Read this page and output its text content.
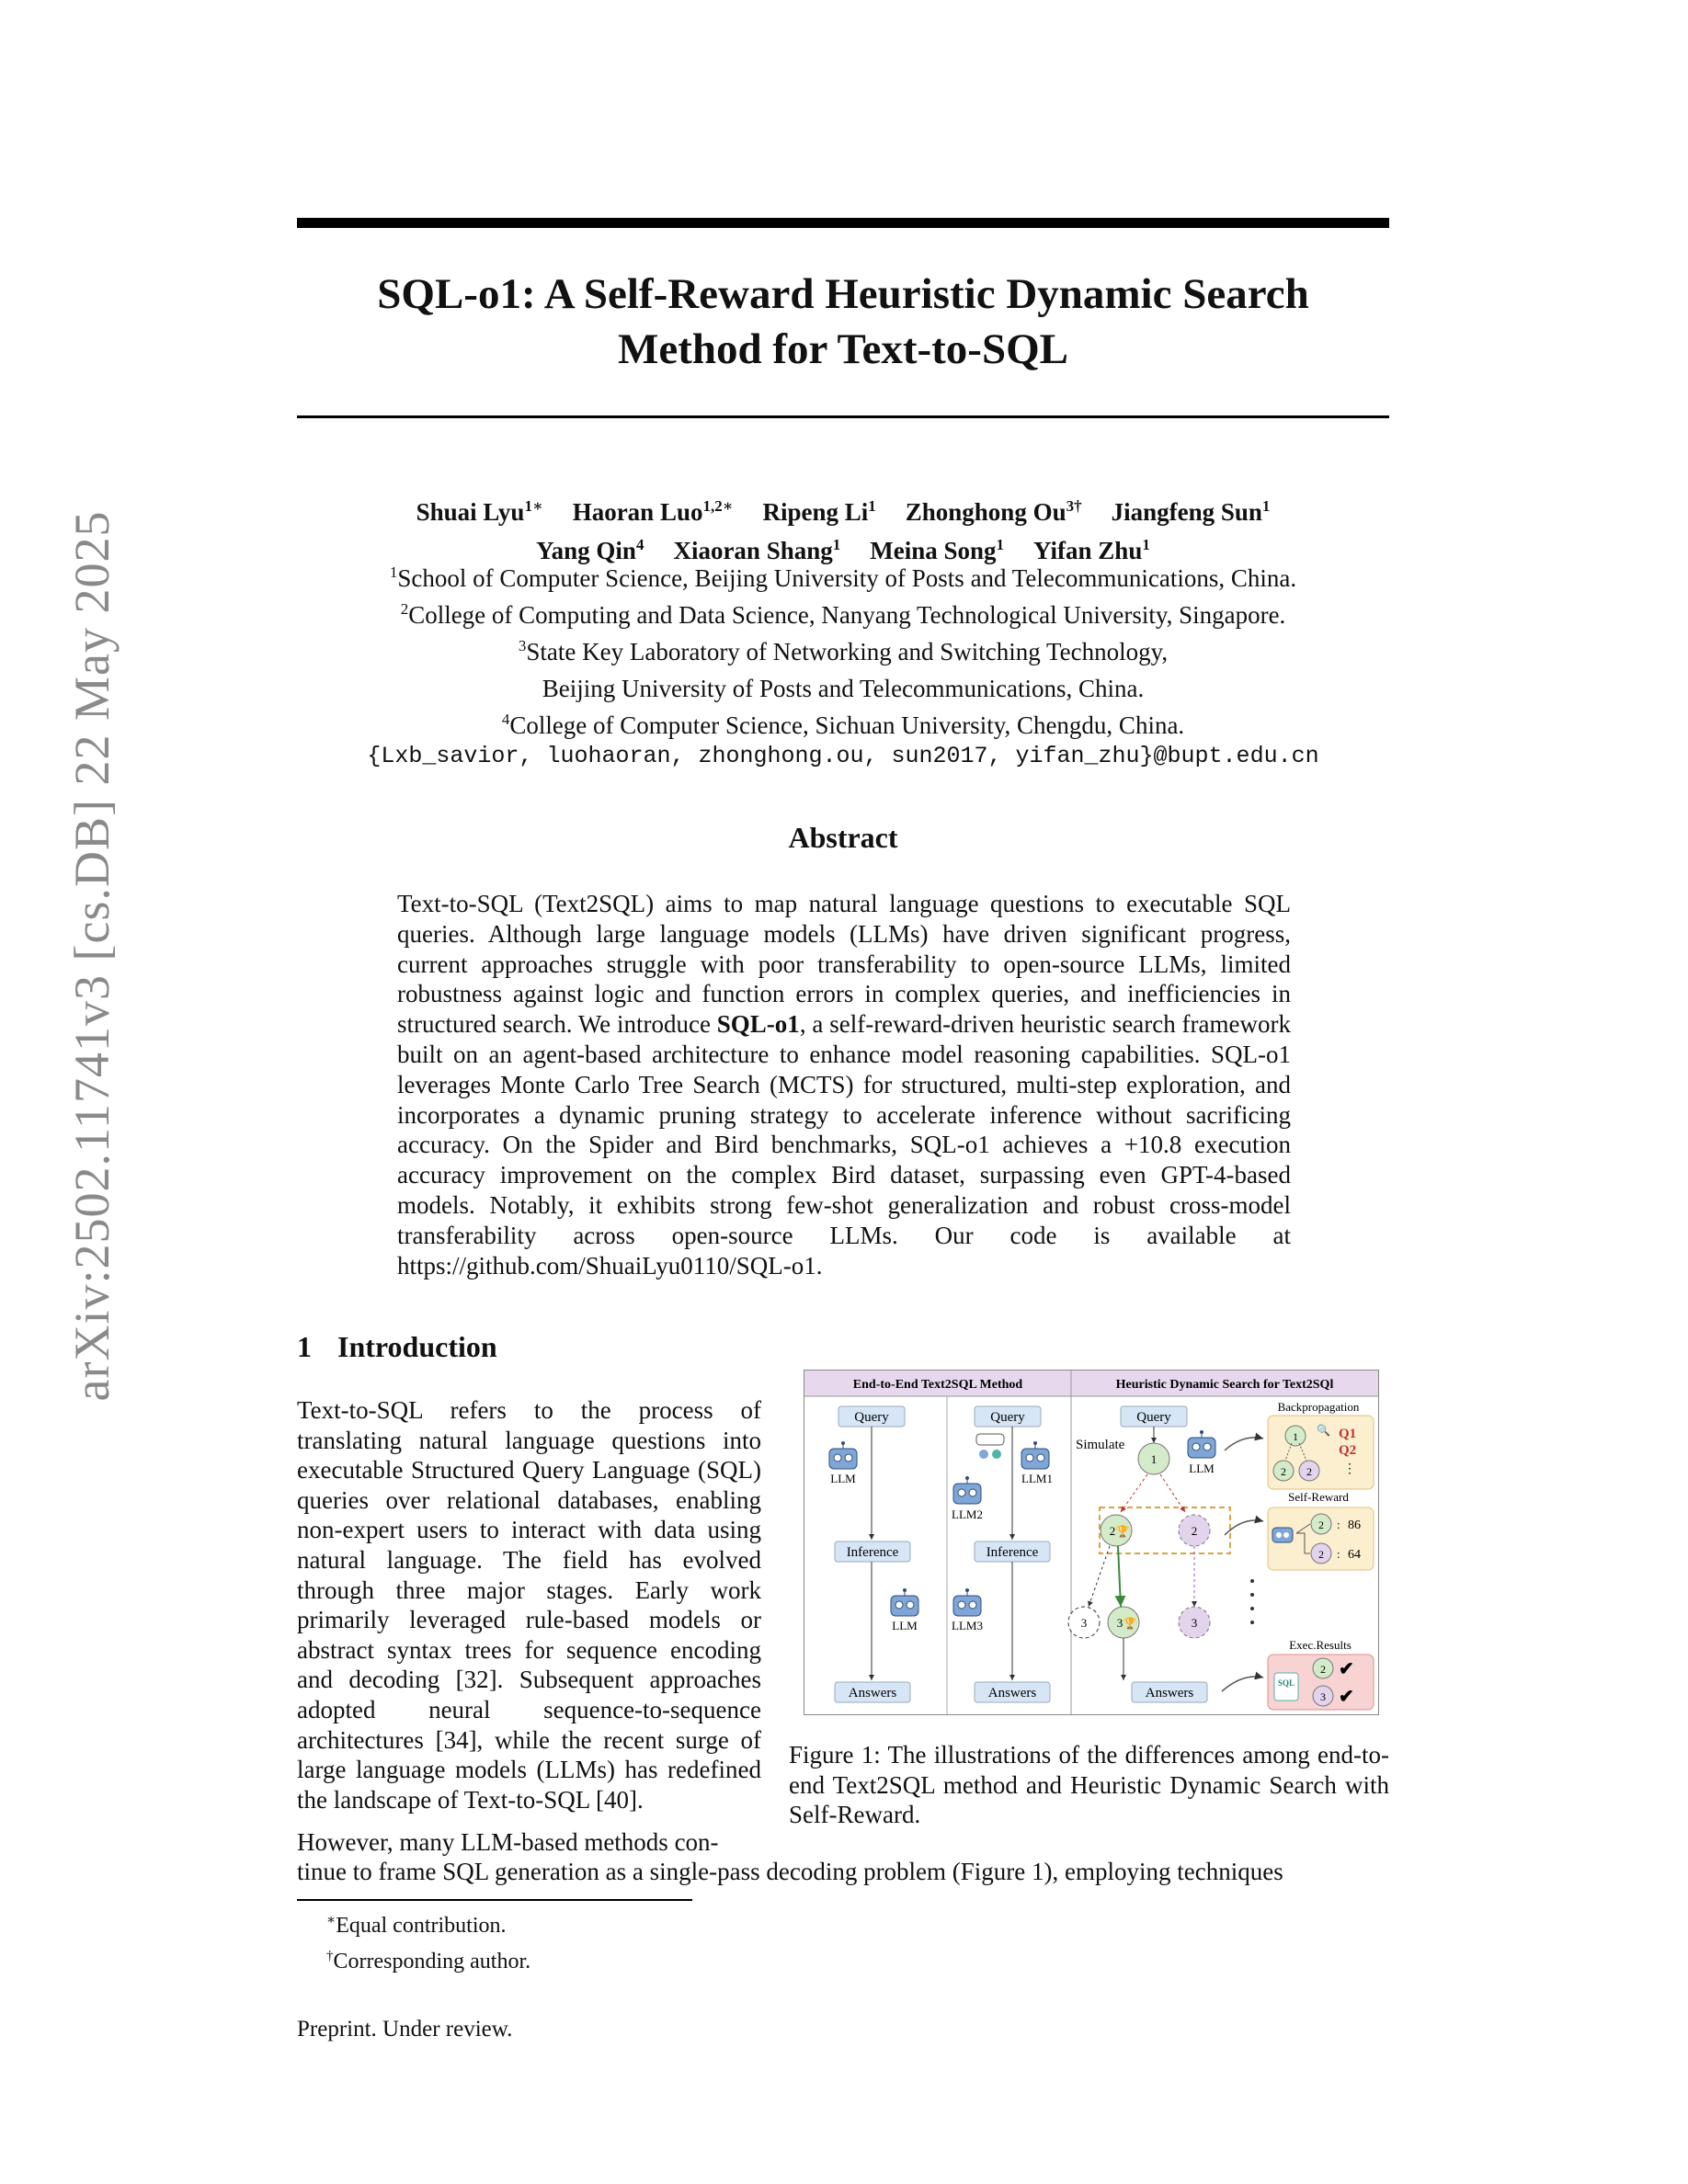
arXiv:2502.11741v3 [cs.DB] 22 May 2025
SQL-o1: A Self-Reward Heuristic Dynamic Search
Method for Text-to-SQL
Shuai Lyu$^{1∗}$ Haoran Luo$^{1,2∗}$ Ripeng Li$^1$ Zhonghong $Ou^{3\dagger}$ Jiangfeng Sun$^1$
Yang Qin$^4$ Xiaoran Shang$^1$ Meina Song$^1$ Yifan Zhu$^1$
$^1$School of Computer Science, Beijing University of Posts and Telecommunications, China.
$^2$College of Computing and Data Science, Nanyang Technological University, Singapore.
$^3$State Key Laboratory of Networking and Switching Technology,
Beijing University of Posts and Telecommunications, China.
$^4$College of Computer Science, Sichuan University, Chengdu, China.
{Lxb_savior, luohaoran, zhonghong.ou, sun2017, yifan_zhu}@bupt.edu.cn
Abstract
Text-to-SQL (Text2SQL) aims to map natural language questions to executable SQL queries. Although large language models (LLMs) have driven significant progress, current approaches struggle with poor transferability to open-source LLMs, limited robustness against logic and function errors in complex queries, and inefficiencies in structured search. We introduce SQL-o1, a self-reward-driven heuristic search framework built on an agent-based architecture to enhance model reasoning capabilities. SQL-o1 leverages Monte Carlo Tree Search (MCTS) for structured, multi-step exploration, and incorporates a dynamic pruning strategy to accelerate inference without sacrificing accuracy. On the Spider and Bird benchmarks, SQL-o1 achieves a +10.8 execution accuracy improvement on the complex Bird dataset, surpassing even GPT-4-based models. Notably, it exhibits strong few-shot generalization and robust cross-model transferability across open-source LLMs. Our code is available at https://github.com/ShuaiLyu0110/SQL-o1.
1 Introduction
Text-to-SQL refers to the process of translating natural language questions into executable Structured Query Language (SQL) queries over relational databases, enabling non-expert users to interact with data using natural language. The field has evolved through three major stages. Early work primarily leveraged rule-based models or abstract syntax trees for sequence encoding and decoding [32]. Subsequent approaches adopted neural sequence-to-sequence architectures [34], while the recent surge of large language models (LLMs) has redefined the landscape of Text-to-SQL [40].
However, many LLM-based methods con-
tinue to frame SQL generation as a single-pass decoding problem (Figure 1), employing techniques
End-to-End Text2SQL Method	Heuristic Dynamic Search for Text2SQl
Query
LLM
Inference
LLM
Answers
Query
LLM1
LLM2
Inference
LLM3
Answers
Query
Simulate
LLM
1
2 🏆	2
3	3 🏆	3
Answers
Backpropagation
1 🔍 Q1
Q2
2 2 ⋮
Self-Reward
2 : 86
2 : 64
Exec.Results
SQL
2 ✔
3 ✔
Figure 1: The illustrations of the differences among end-to-end Text2SQL method and Heuristic Dynamic Search with Self-Reward.
∗Equal contribution.
†Corresponding author.
Preprint. Under review.
